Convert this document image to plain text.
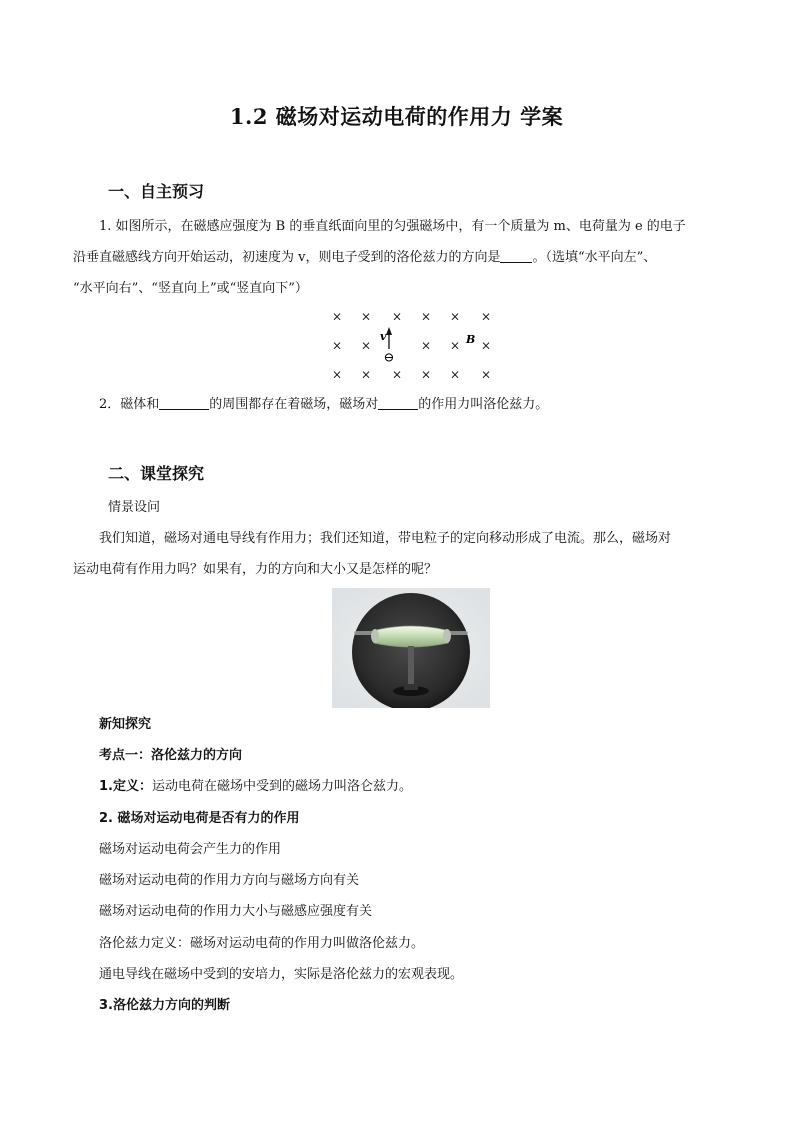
1.2 磁场对运动电荷的作用力 学案
一、自主预习
1. 如图所示，在磁感应强度为 B 的垂直纸面向里的匀强磁场中，有一个质量为 m、电荷量为 e 的电子
沿垂直磁感线方向开始运动，初速度为 v，则电子受到的洛伦兹力的方向是 。（选填“水平向左”、
“水平向右”、“竖直向上”或“竖直向下”）
× × × × × ×
× ×	× ×
× × × × × ×
×
v
⊖
B
2．磁体和	的周围都存在着磁场，磁场对	的作用力叫洛伦兹力。
二、课堂探究
情景设问
我们知道，磁场对通电导线有作用力；我们还知道，带电粒子的定向移动形成了电流。那么，磁场对
运动电荷有作用力吗？如果有，力的方向和大小又是怎样的呢？
新知探究
考点一：洛伦兹力的方向
1.定义：运动电荷在磁场中受到的磁场力叫洛仑兹力。
2. 磁场对运动电荷是否有力的作用
磁场对运动电荷会产生力的作用
磁场对运动电荷的作用力方向与磁场方向有关
磁场对运动电荷的作用力大小与磁感应强度有关
洛伦兹力定义：磁场对运动电荷的作用力叫做洛伦兹力。
通电导线在磁场中受到的安培力，实际是洛伦兹力的宏观表现。
3.洛伦兹力方向的判断
